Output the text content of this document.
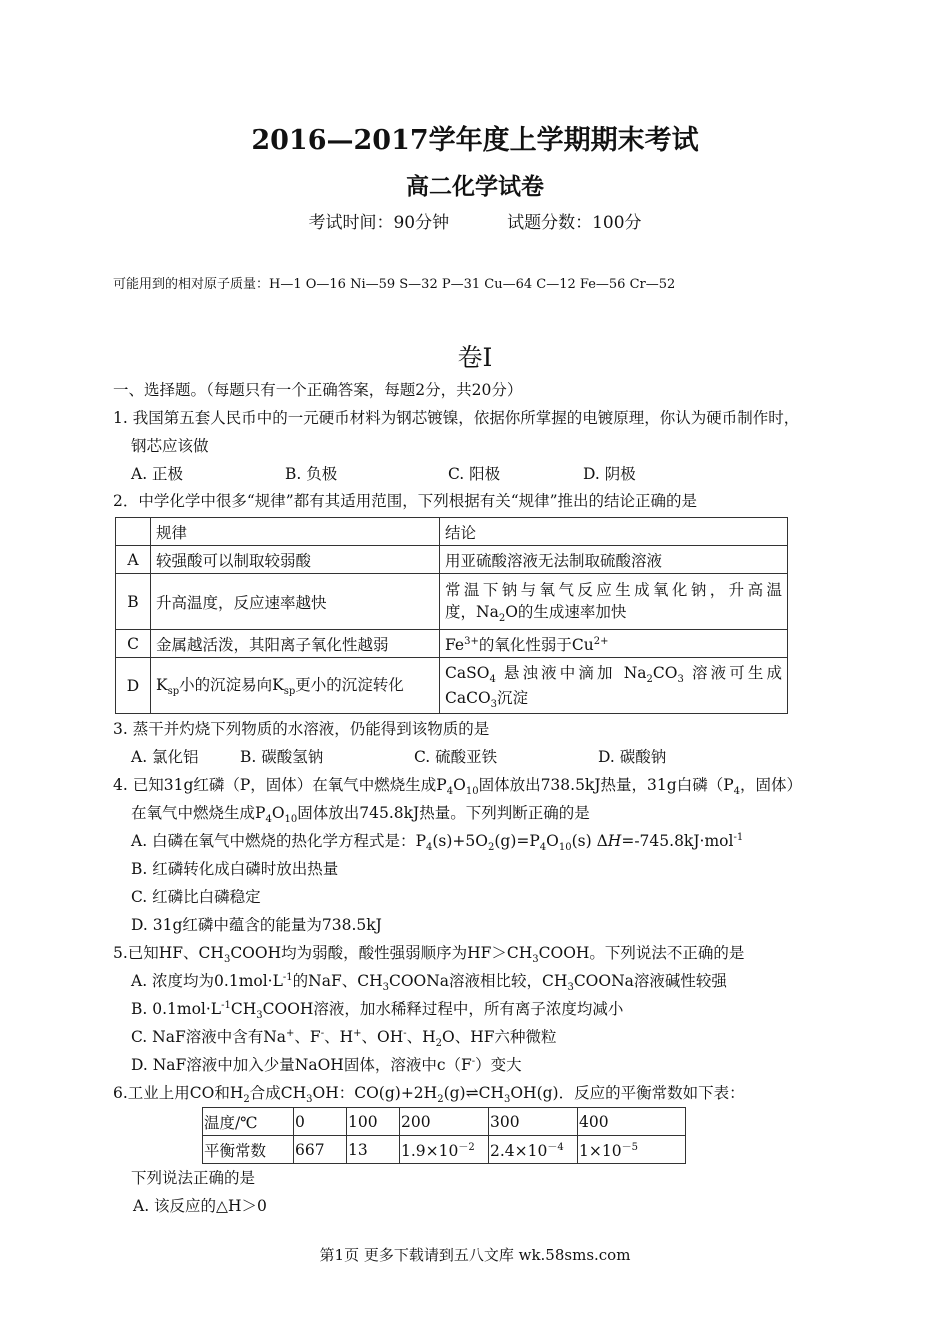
2016—2017学年度上学期期末考试
高二化学试卷
考试时间：90分钟	试题分数：100分
可能用到的相对原子质量：H—1 O—16 Ni—59 S—32 P—31 Cu—64 C—12 Fe—56 Cr—52
卷Ⅰ
一、选择题。（每题只有一个正确答案，每题2分，共20分）
1. 我国第五套人民币中的一元硬币材料为钢芯镀镍，依据你所掌握的电镀原理，你认为硬币制作时，
钢芯应该做
A. 正极	B. 负极	C. 阳极	D. 阴极
2．中学化学中很多“规律”都有其适用范围，下列根据有关“规律”推出的结论正确的是
	规律	结论
A	较强酸可以制取较弱酸	用亚硫酸溶液无法制取硫酸溶液
B	升高温度，反应速率越快	常温下钠与氧气反应生成氧化钠，升高温
度，$Na_2O$的生成速率加快

C	金属越活泼，其阳离子氧化性越弱	$Fe^{3+}$的氧化性弱于$Cu^{2+}$
D	$K_{sp}$小的沉淀易向$K_{sp}$更小的沉淀转化	CaSO$_4$ 悬浊液中滴加 $Na_2CO_3$ 溶液可生成
CaCO$_3$沉淀
3. 蒸干并灼烧下列物质的水溶液，仍能得到该物质的是
A. 氯化铝	B. 碳酸氢钠	C. 硫酸亚铁	D. 碳酸钠
4. 已知31g红磷（P，固体）在氧气中燃烧生成$P_4O_{10}$固体放出738.5kJ热量，31g白磷（$P_4$，固体）
在氧气中燃烧生成$P_4O_{10}$固体放出745.8kJ热量。下列判断正确的是
A. 白磷在氧气中燃烧的热化学方程式是：$P_4(s)+5O_2(g)=P_4O_{10}(s)$ ΔH=-745.8kJ·mol$^{-1}$
B. 红磷转化成白磷时放出热量
C. 红磷比白磷稳定
D. 31g红磷中蕴含的能量为738.5kJ
5.已知HF、$CH_3COOH$均为弱酸，酸性强弱顺序为$HF>CH_3COOH$。下列说法不正确的是
A. 浓度均为$0.1mol\cdot L^{-1}$的NaF、$CH_3COONa$溶液相比较，$CH_3COONa$溶液碱性较强
B. $0.1mol\cdot L^{-1}CH_3COOH$溶液，加水稀释过程中，所有离子浓度均减小
C. NaF溶液中含有Na+、F-、H+、OH-、$H_2O$、HF六种微粒
D. NaF溶液中加入少量NaOH固体，溶液中c（F-）变大
6.工业上用CO和$H_2$合成$CH_3OH$：$CO(g)+2H_2(g)\rightleftharpoons CH_3OH(g)$．反应的平衡常数如下表：
温度/℃	0	100	200	300	400
平衡常数	667	13	$1.9\times 10^{-2}$	$2.4\times 10^{-4}$	$1\times 10^{-5}$
下列说法正确的是
A. 该反应的△H＞0
第1页 更多下载请到五八文库 wk.58sms.com
